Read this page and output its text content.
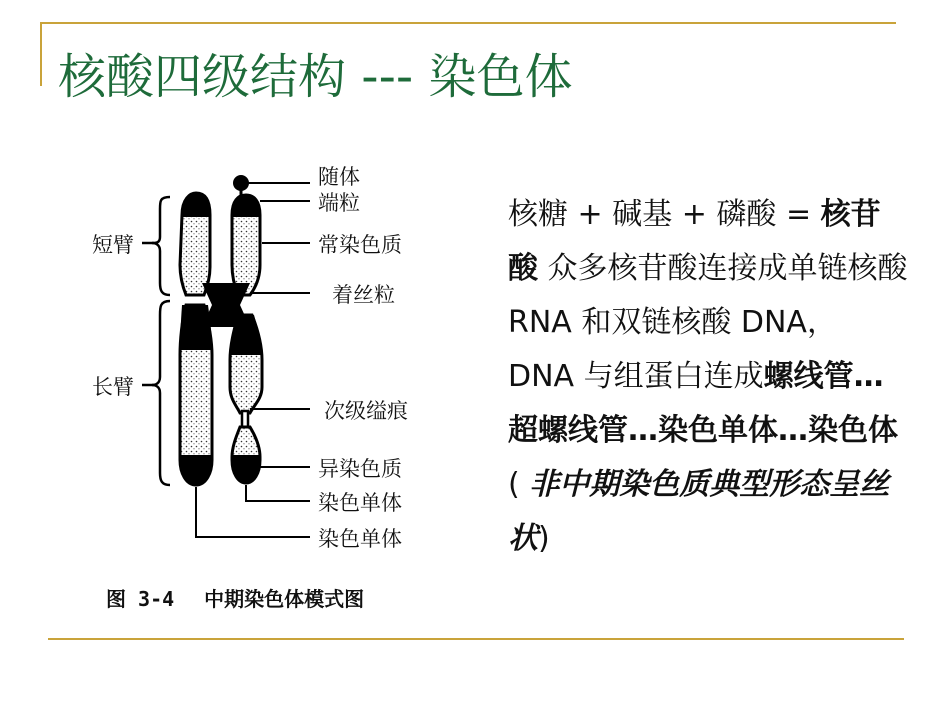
核酸四级结构 --- 染色体
随体
端粒
常染色质
着丝粒
次级缢痕
异染色质
染色单体
染色单体
短臂
长臂
图 3-4 中期染色体模式图
核糖 + 碱基 + 磷酸 = 核苷酸 众多核苷酸连接成单链核酸 RNA 和双链核酸 DNA， DNA 与组蛋白连成螺线管…超螺线管…染色单体…染色体 ( 非中期染色质典型形态呈丝状)
